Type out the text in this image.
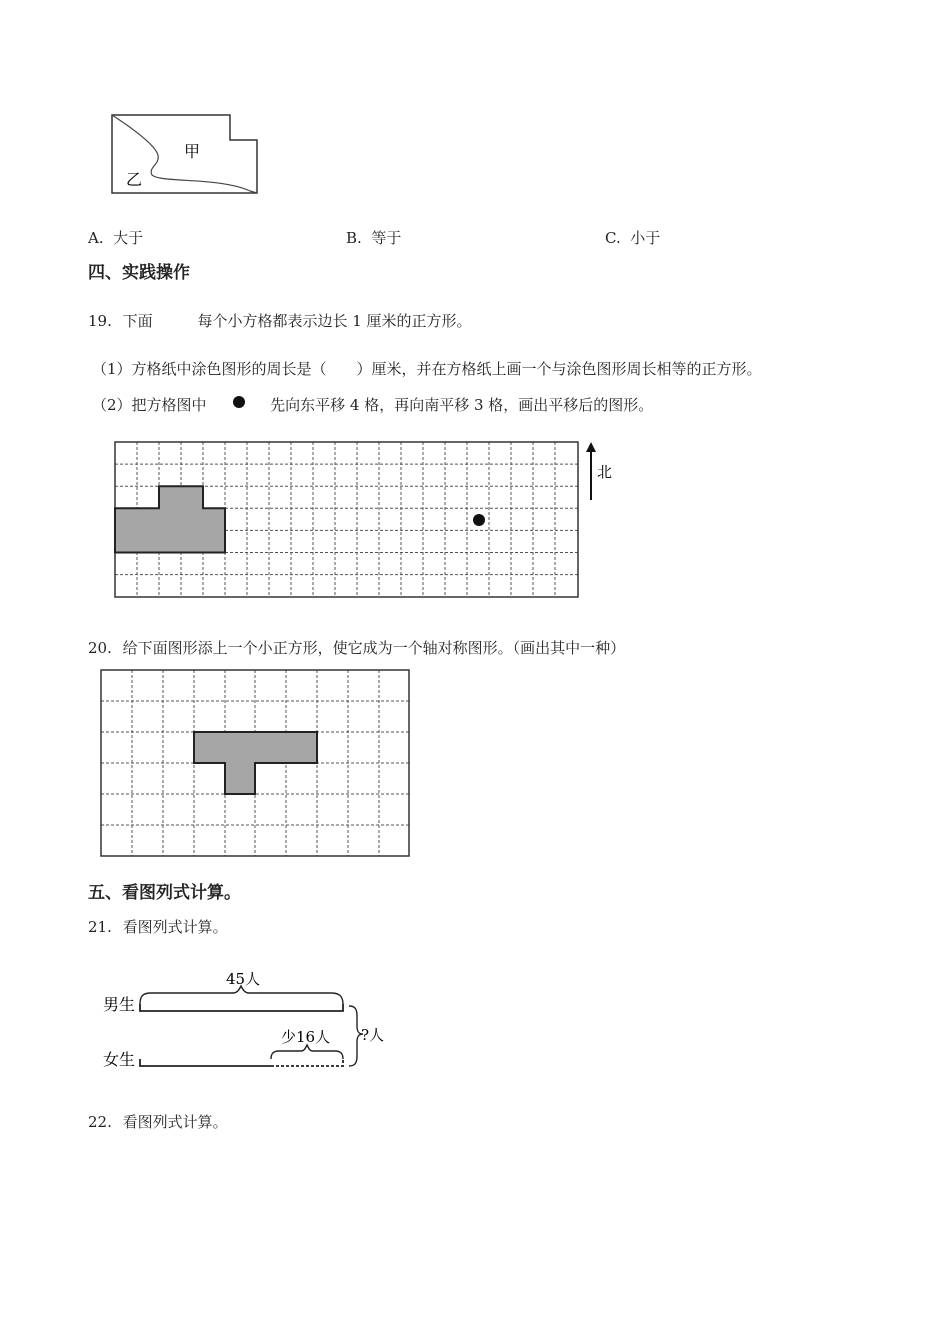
甲
乙
A. 大于	B. 等于	C. 小于
四、实践操作
19. 下面	每个小方格都表示边长 1 厘米的正方形。
（1）方格纸中涂色图形的周长是（　　）厘米，并在方格纸上画一个与涂色图形周长相等的正方形。
（2）把方格图中	先向东平移 4 格，再向南平移 3 格，画出平移后的图形。
北
20. 给下面图形添上一个小正方形，使它成为一个轴对称图形。（画出其中一种）
五、看图列式计算。
21. 看图列式计算。
男生
女生
45人
少16人 ?人
22. 看图列式计算。
